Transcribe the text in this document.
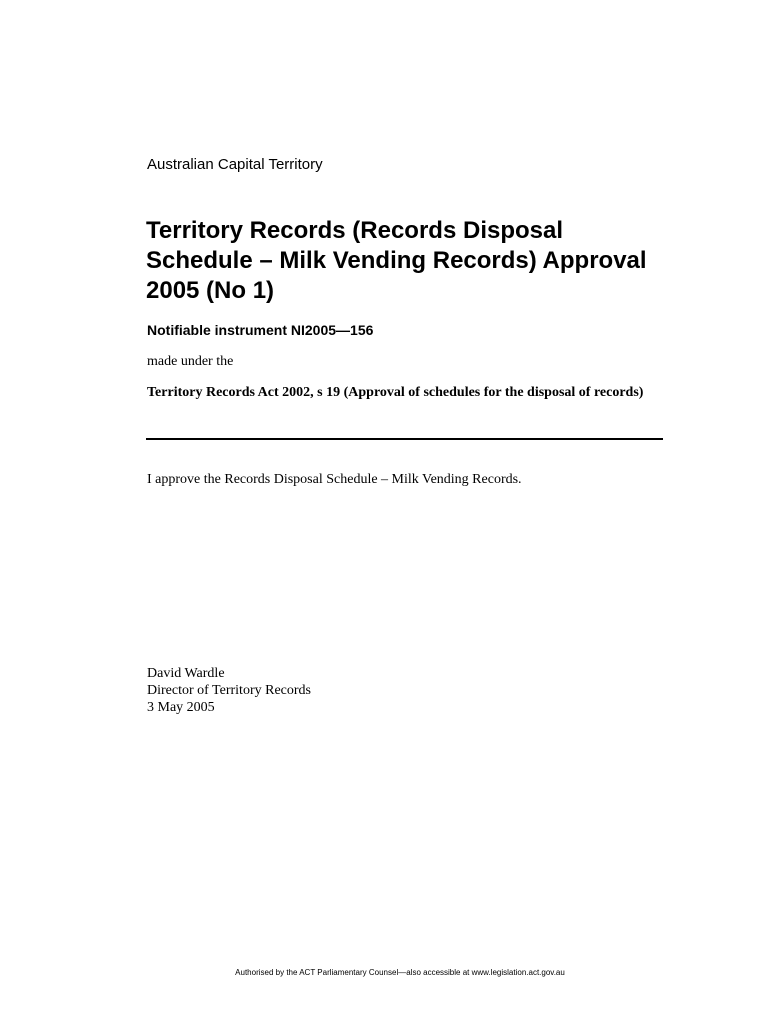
Australian Capital Territory
Territory Records (Records Disposal Schedule – Milk Vending Records) Approval 2005 (No 1)
Notifiable instrument NI2005—156
made under the
Territory Records Act 2002, s 19 (Approval of schedules for the disposal of records)
I approve the Records Disposal Schedule – Milk Vending Records.
David Wardle
Director of Territory Records
3 May 2005
Authorised by the ACT Parliamentary Counsel—also accessible at www.legislation.act.gov.au
